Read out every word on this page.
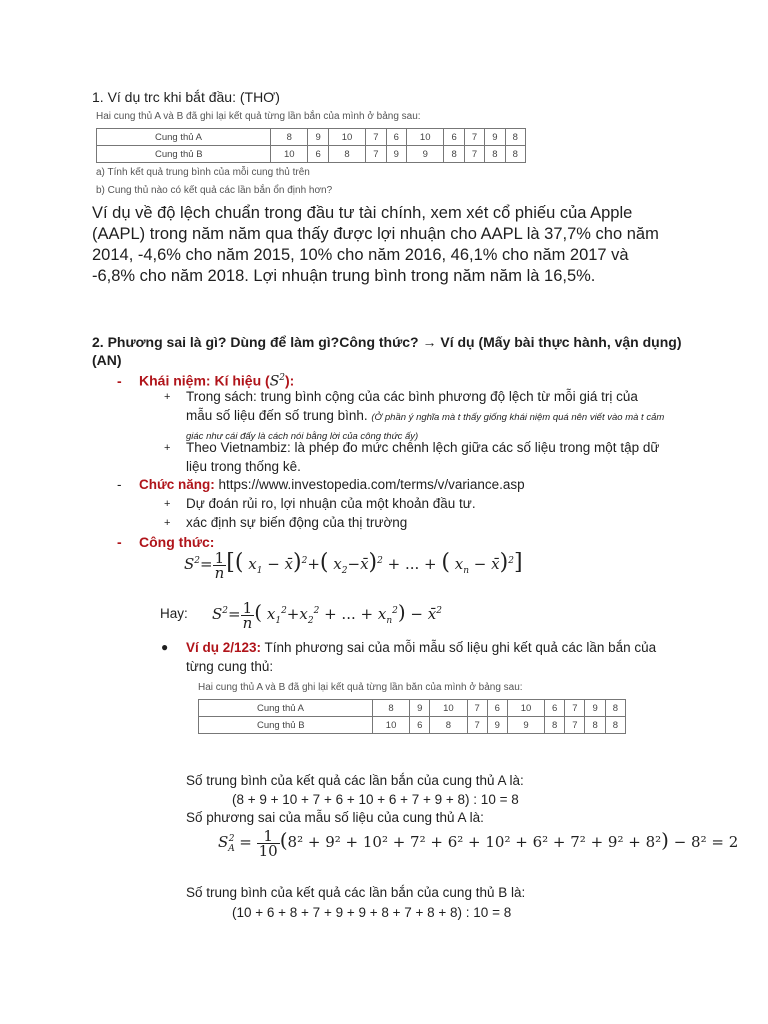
1. Ví dụ trc khi bắt đầu: (THƠ)
Hai cung thủ A và B đã ghi lại kết quả từng lần bắn của mình ở bảng sau:
Cung thủ A	8	9	10	7	6	10	6	7	9	8
Cung thủ B	10	6	8	7	9	9	8	7	8	8
a) Tính kết quả trung bình của mỗi cung thủ trên
b) Cung thủ nào có kết quả các lần bắn ổn định hơn?
Ví dụ về độ lệch chuẩn trong đầu tư tài chính, xem xét cổ phiếu của Apple (AAPL) trong năm năm qua thấy được lợi nhuận cho AAPL là 37,7% cho năm 2014, -4,6% cho năm 2015, 10% cho năm 2016, 46,1% cho năm 2017 và -6,8% cho năm 2018. Lợi nhuận trung bình trong năm năm là 16,5%.
2. Phương sai là gì? Dùng để làm gì?Công thức? → Ví dụ (Mấy bài thực hành, vận dụng) (AN)
- Khái niệm: Kí hiệu $(S^2)$:
+ Trong sách: trung bình cộng của các bình phương độ lệch từ mỗi giá trị của mẫu số liệu đến số trung bình. (Ở phần ý nghĩa mà t thấy giống khái niệm quá nên viết vào mà t cảm giác như cái đấy là cách nói bằng lời của công thức ấy)
+ Theo Vietnambiz: là phép đo mức chênh lệch giữa các số liệu trong một tập dữ liệu trong thống kê.
- Chức năng: https://www.investopedia.com/terms/v/variance.asp
+ Dự đoán rủi ro, lợi nhuận của một khoản đầu tư.
+ xác định sự biến động của thị trường
- Công thức:
$S^2= \frac{1}{n}$ [( $x_1$ − x̄)$^2$+( $x_2-x̄)^2$ + ... + ( $x_n$ − x̄)$^2$]
Hay: $S^2= \frac{1}{n}$ ( $x_1^2+x_2^2$ + ... + $x_n^2$) − x̄$^2$
● Ví dụ 2/123: Tính phương sai của mỗi mẫu số liệu ghi kết quả các lần bắn của từng cung thủ:
Hai cung thủ A và B đã ghi lại kết quả từng lần bắn của mình ở bảng sau:
Cung thủ A	8	9	10	7	6	10	6	7	9	8
Cung thủ B	10	6	8	7	9	9	8	7	8	8
Số trung bình của kết quả các lần bắn của cung thủ A là:
(8 + 9 + 10 + 7 + 6 + 10 + 6 + 7 + 9 + 8) : 10 = 8
Số phương sai của mẫu số liệu của cung thủ A là:
$S_A^2 = \frac{1}{10} (8^2 + 9^2 + 10^2 + 7^2 + 6^2 + 10^2 + 6^2 + 7^2 + 9^2 + 8^2) - 8^2 = 2$
Số trung bình của kết quả các lần bắn của cung thủ B là:
(10 + 6 + 8 + 7 + 9 + 9 + 8 + 7 + 8 + 8) : 10 = 8
